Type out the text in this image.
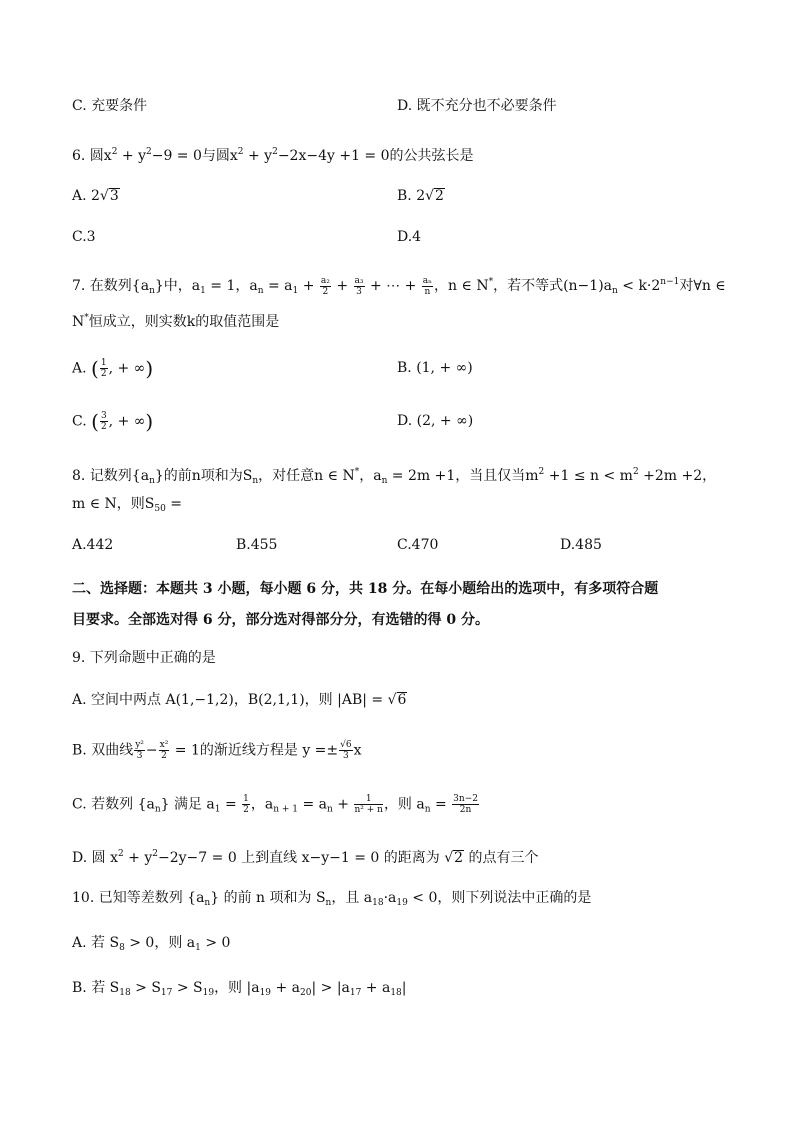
C. 充要条件	D. 既不充分也不必要条件
6. 圆$x^2 + y^2-9 = 0$与圆$x^2 + y^2-2x-4y +1 = 0$的公共弦长是
A. 2√3	B. 2√2
C.3	D.4
7. 在数列$\{a_n\}$中，$a_1 = 1$，$a_n = a_1 + \frac{\text{a₂}}{2} + \frac{\text{a₃}}{3}$ + ⋯ + $\frac{\text{aₙ}}{n}$ ，n ∈ N*，若不等式$(n-1)a_n < k\cdot 2^{n-1}$对∀n ∈
N*恒成立，则实数k的取值范围是
A. ( $\frac{1}{2}$ , + ∞)	B. (1, + ∞)
C. ( $\frac{3}{2}$ , + ∞)	D. (2, + ∞)
8. 记数列$\{a_n\}$的前n项和为$S_n$，对任意n ∈ N*，$a_n = 2m +1$，当且仅当$m^2 +1 \le n < m^2 +2m +2$，
m ∈ N，则$S_{50}$ =
A.442	B.455	C.470	D.485
二、选择题：本题共 3 小题，每小题 6 分，共 18 分。在每小题给出的选项中，有多项符合题
目要求。全部选对得 6 分，部分选对得部分分，有选错的得 0 分。
9. 下列命题中正确的是
A. 空间中两点 A(1,−1,2)，B(2,1,1)，则 |AB| = √6
B. 双曲线 $\frac{\text{y²}}{3} - \frac{\text{x²}}{2} = 1$的渐近线方程是 $y =\pm \frac{√6}{3}$ x
C. 若数列 $\{a_n\}$ 满足 $a_1 = \frac{1}{2}$ ，$a_{n + 1} = a_n + \frac{1}{\text{n² + n}}$ ，则 $a_n = \frac{3n-2}{2n}$
D. 圆 $x^2 + y^2-2y-7 = 0$ 上到直线 x−y−1 = 0 的距离为 √2 的点有三个
10. 已知等差数列 $\{a_n\}$ 的前 n 项和为 $S_n$，且 $a_{18}\cdot a_{19} < 0$，则下列说法中正确的是
A. 若 $S_8 > 0$，则 $a_1 > 0$
B. 若 $S_{18} > S_{17} > S_{19}$，则 $|a_{19} + a_{20}| > |a_{17} + a_{18}|$
